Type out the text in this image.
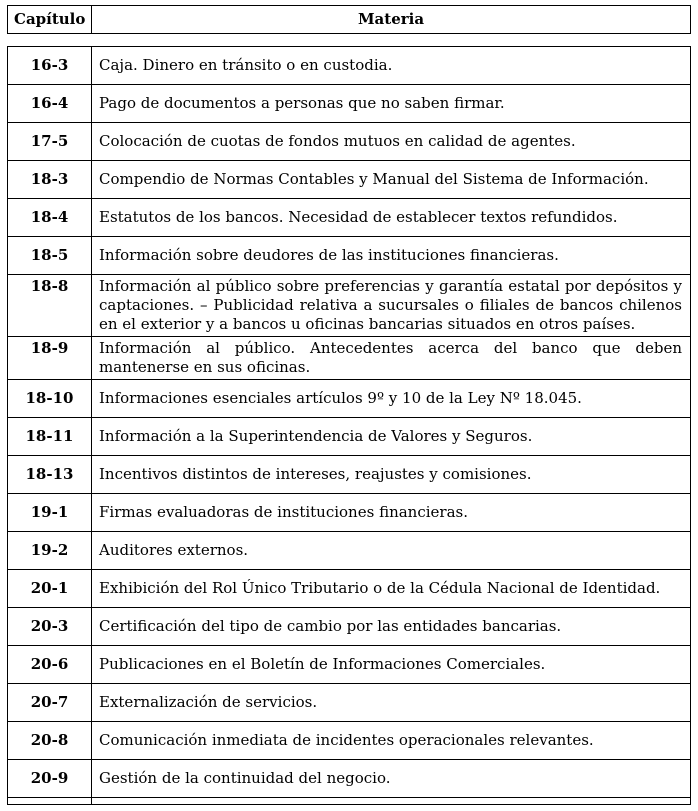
Capítulo	Materia
16-3	Caja. Dinero en tránsito o en custodia.
16-4	Pago de documentos a personas que no saben firmar.
17-5	Colocación de cuotas de fondos mutuos en calidad de agentes.
18-3	Compendio de Normas Contables y Manual del Sistema de Información.
18-4	Estatutos de los bancos. Necesidad de establecer textos refundidos.
18-5	Información sobre deudores de las instituciones financieras.
18-8	Información al público sobre preferencias y garantía estatal por depósitos y captaciones. – Publicidad relativa a sucursales o filiales de bancos chilenos en el exterior y a bancos u oficinas bancarias situados en otros países.
18-9	Información al público. Antecedentes acerca del banco que deben mantenerse en sus oficinas.
18-10	Informaciones esenciales artículos 9º y 10 de la Ley Nº 18.045.
18-11	Información a la Superintendencia de Valores y Seguros.
18-13	Incentivos distintos de intereses, reajustes y comisiones.
19-1	Firmas evaluadoras de instituciones financieras.
19-2	Auditores externos.
20-1	Exhibición del Rol Único Tributario o de la Cédula Nacional de Identidad.
20-3	Certificación del tipo de cambio por las entidades bancarias.
20-6	Publicaciones en el Boletín de Informaciones Comerciales.
20-7	Externalización de servicios.
20-8	Comunicación inmediata de incidentes operacionales relevantes.
20-9	Gestión de la continuidad del negocio.
